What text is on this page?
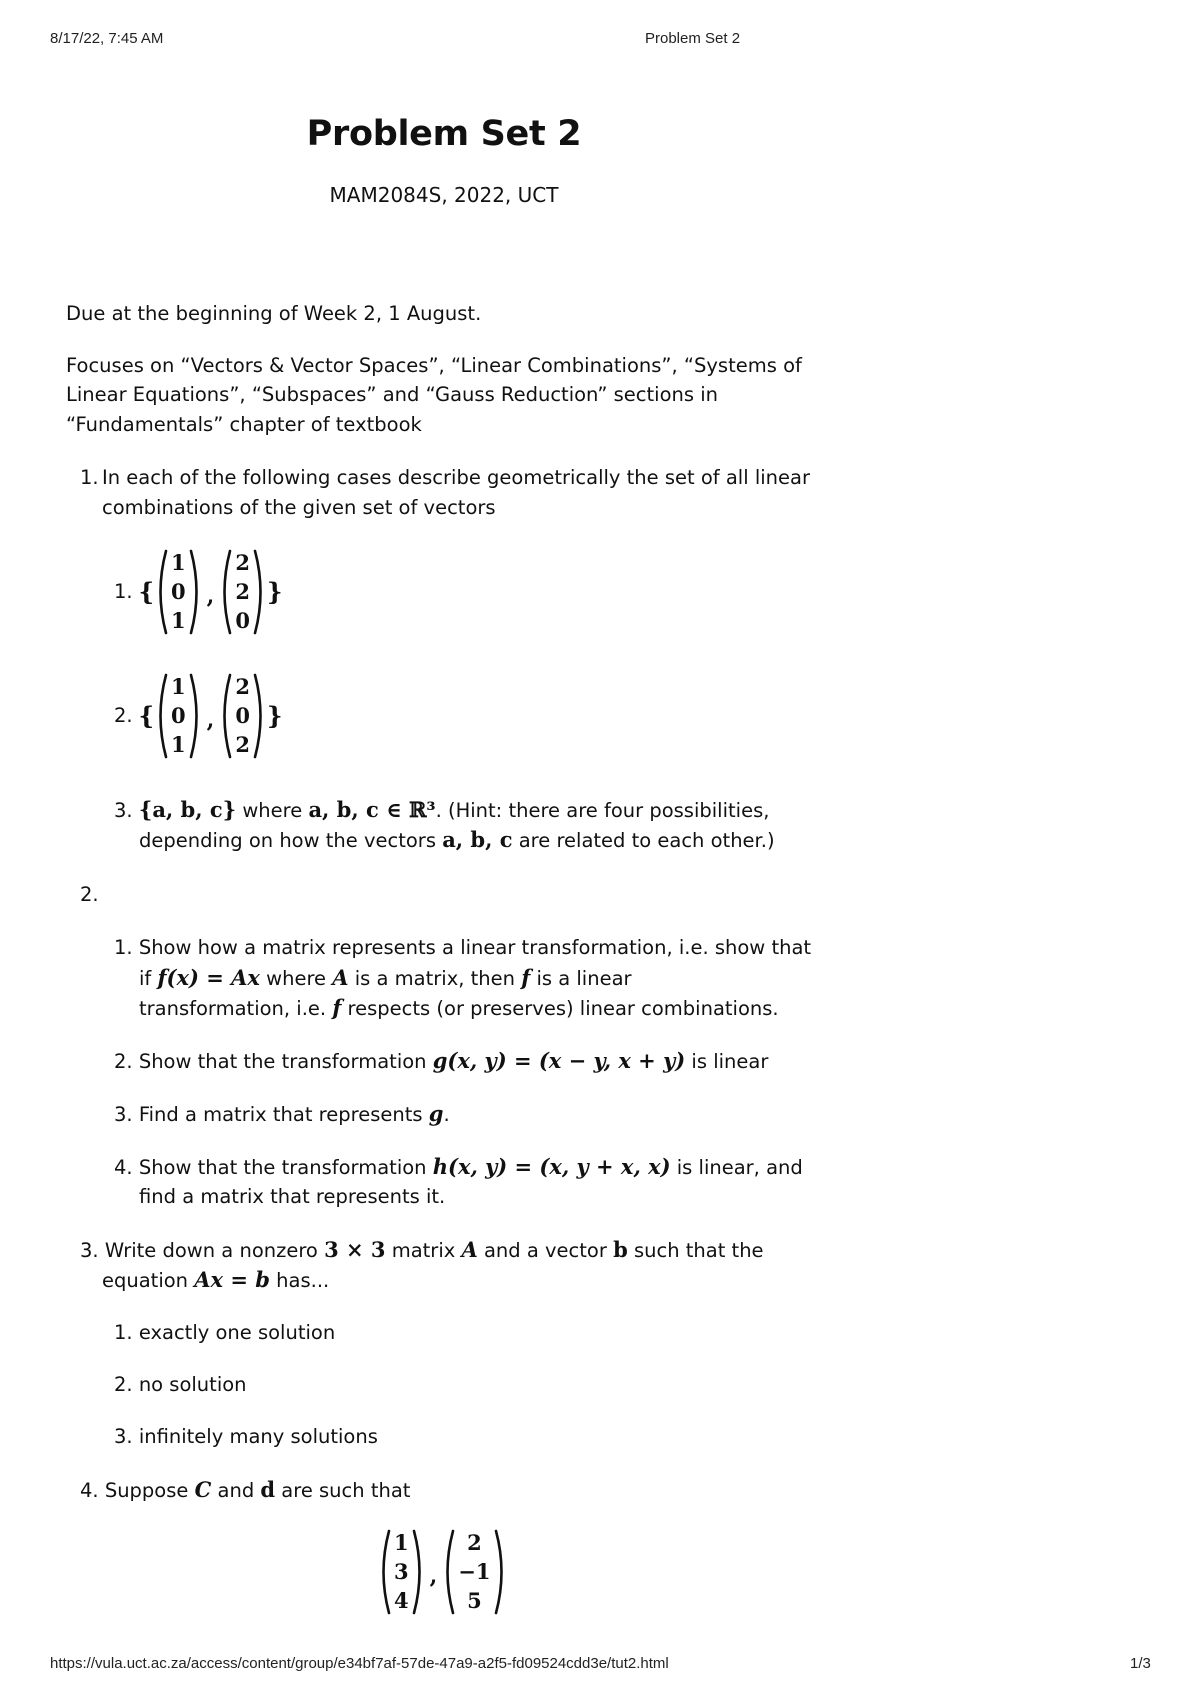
8/17/22, 7:45 AM	Problem Set 2
Problem Set 2
MAM2084S, 2022, UCT
Due at the beginning of Week 2, 1 August.
Focuses on “Vectors & Vector Spaces”, “Linear Combinations”, “Systems of
Linear Equations”, “Subspaces” and “Gauss Reduction” sections in
“Fundamentals” chapter of textbook
1. In each of the following cases describe geometrically the set of all linear
combinations of the given set of vectors
1. {
1
0
1
,
2
2
0
}
2. {
1
0
1
,
2
0
2
}
3. {a, b, c} where a, b, c ∈ ℝ³. (Hint: there are four possibilities,
depending on how the vectors a, b, c are related to each other.)
2.
1. Show how a matrix represents a linear transformation, i.e. show that
if f(x) = Ax where A is a matrix, then f is a linear
transformation, i.e. f respects (or preserves) linear combinations.
2. Show that the transformation g(x, y) = (x − y, x + y) is linear
3. Find a matrix that represents g.
4. Show that the transformation h(x, y) = (x, y + x, x) is linear, and
find a matrix that represents it.
3. Write down a nonzero 3 × 3 matrix A and a vector b such that the
equation Ax = b has...
1. exactly one solution
2. no solution
3. infinitely many solutions
4. Suppose C and d are such that
1
3
4
,
2
−1
5
https://vula.uct.ac.za/access/content/group/e34bf7af-57de-47a9-a2f5-fd09524cdd3e/tut2.html	1/3
